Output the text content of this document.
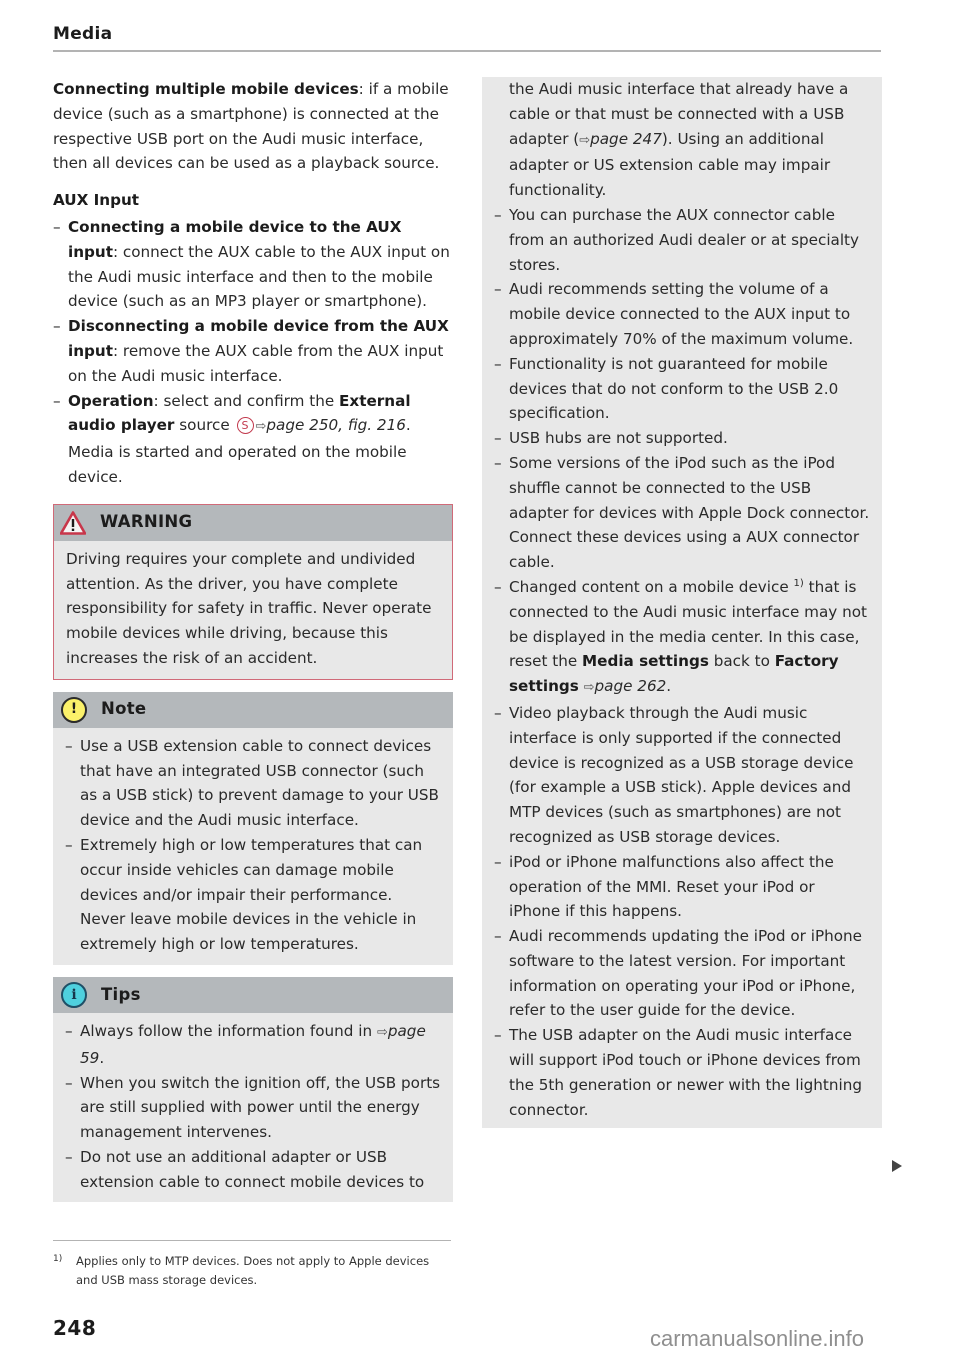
Media

Connecting multiple mobile devices: if a mobile device (such as a smartphone) is connected at the respective USB port on the Audi music interface, then all devices can be used as a playback source.

AUX Input
– Connecting a mobile device to the AUX input: connect the AUX cable to the AUX input on the Audi music interface and then to the mobile device (such as an MP3 player or smartphone).
– Disconnecting a mobile device from the AUX input: remove the AUX cable from the AUX input on the Audi music interface.
– Operation: select and confirm the External audio player source S ⇨page 250, fig. 216. Media is started and operated on the mobile device.
WARNING
Driving requires your complete and undivided attention. As the driver, you have complete responsibility for safety in traffic. Never operate mobile devices while driving, because this increases the risk of an accident.
!	Note
– Use a USB extension cable to connect devices that have an integrated USB connector (such as a USB stick) to prevent damage to your USB device and the Audi music interface.
– Extremely high or low temperatures that can occur inside vehicles can damage mobile devices and/or impair their performance. Never leave mobile devices in the vehicle in extremely high or low temperatures.
i	Tips
– Always follow the information found in ⇨page 59.
– When you switch the ignition off, the USB ports are still supplied with power until the energy management intervenes.
– Do not use an additional adapter or USB extension cable to connect mobile devices to

the Audi music interface that already have a cable or that must be connected with a USB adapter (⇨page 247). Using an additional adapter or US extension cable may impair functionality.

– You can purchase the AUX connector cable from an authorized Audi dealer or at specialty stores.
– Audi recommends setting the volume of a mobile device connected to the AUX input to approximately 70% of the maximum volume.
– Functionality is not guaranteed for mobile devices that do not conform to the USB 2.0 specification.
– USB hubs are not supported.
– Some versions of the iPod such as the iPod shuffle cannot be connected to the USB adapter for devices with Apple Dock connector. Connect these devices using a AUX connector cable.
– Changed content on a mobile device $^{1)}$ that is connected to the Audi music interface may not be displayed in the media center. In this case, reset the Media settings back to Factory settings ⇨page 262.
– Video playback through the Audi music interface is only supported if the connected device is recognized as a USB storage device (for example a USB stick). Apple devices and MTP devices (such as smartphones) are not recognized as USB storage devices.
– iPod or iPhone malfunctions also affect the operation of the MMI. Reset your iPod or iPhone if this happens.
– Audi recommends updating the iPod or iPhone software to the latest version. For important information on operating your iPod or iPhone, refer to the user guide for the device.
– The USB adapter on the Audi music interface will support iPod touch or iPhone devices from the 5th generation or newer with the lightning connector.
1)	Applies only to MTP devices. Does not apply to Apple devices and USB mass storage devices.
248	carmanualsonline.info
